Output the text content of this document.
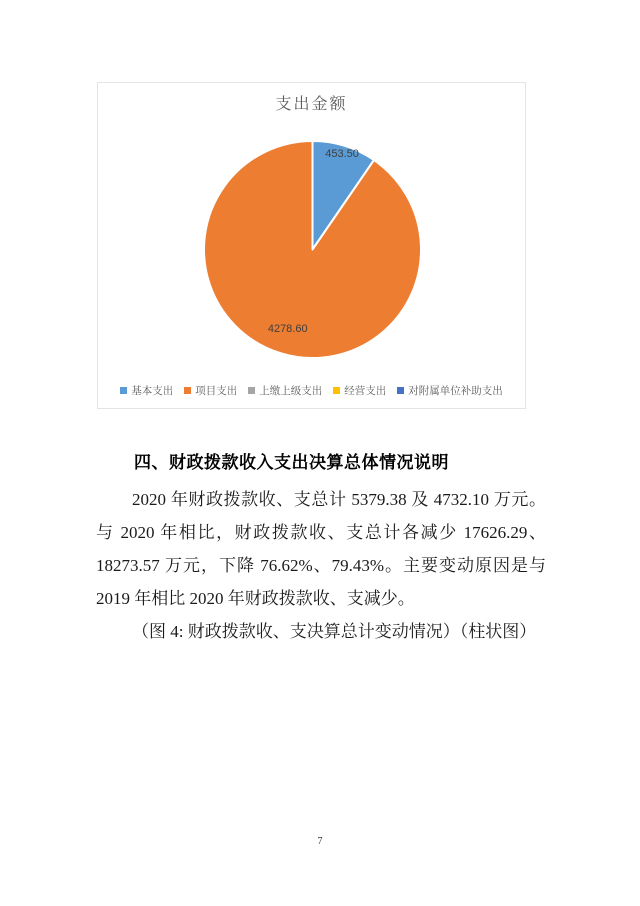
支出金额
453.50
4278.60
基本支出 项目支出 上缴上级支出 经营支出 对附属单位补助支出
四、财政拨款收入支出决算总体情况说明
2020 年财政拨款收、支总计 5379.38 及 4732.10 万元。
与 2020 年相比，财政拨款收、支总计各减少 17626.29、
18273.57 万元，下降 76.62%、79.43%。主要变动原因是与
2019 年相比 2020 年财政拨款收、支减少。
（图 4: 财政拨款收、支决算总计变动情况）（柱状图）
7
